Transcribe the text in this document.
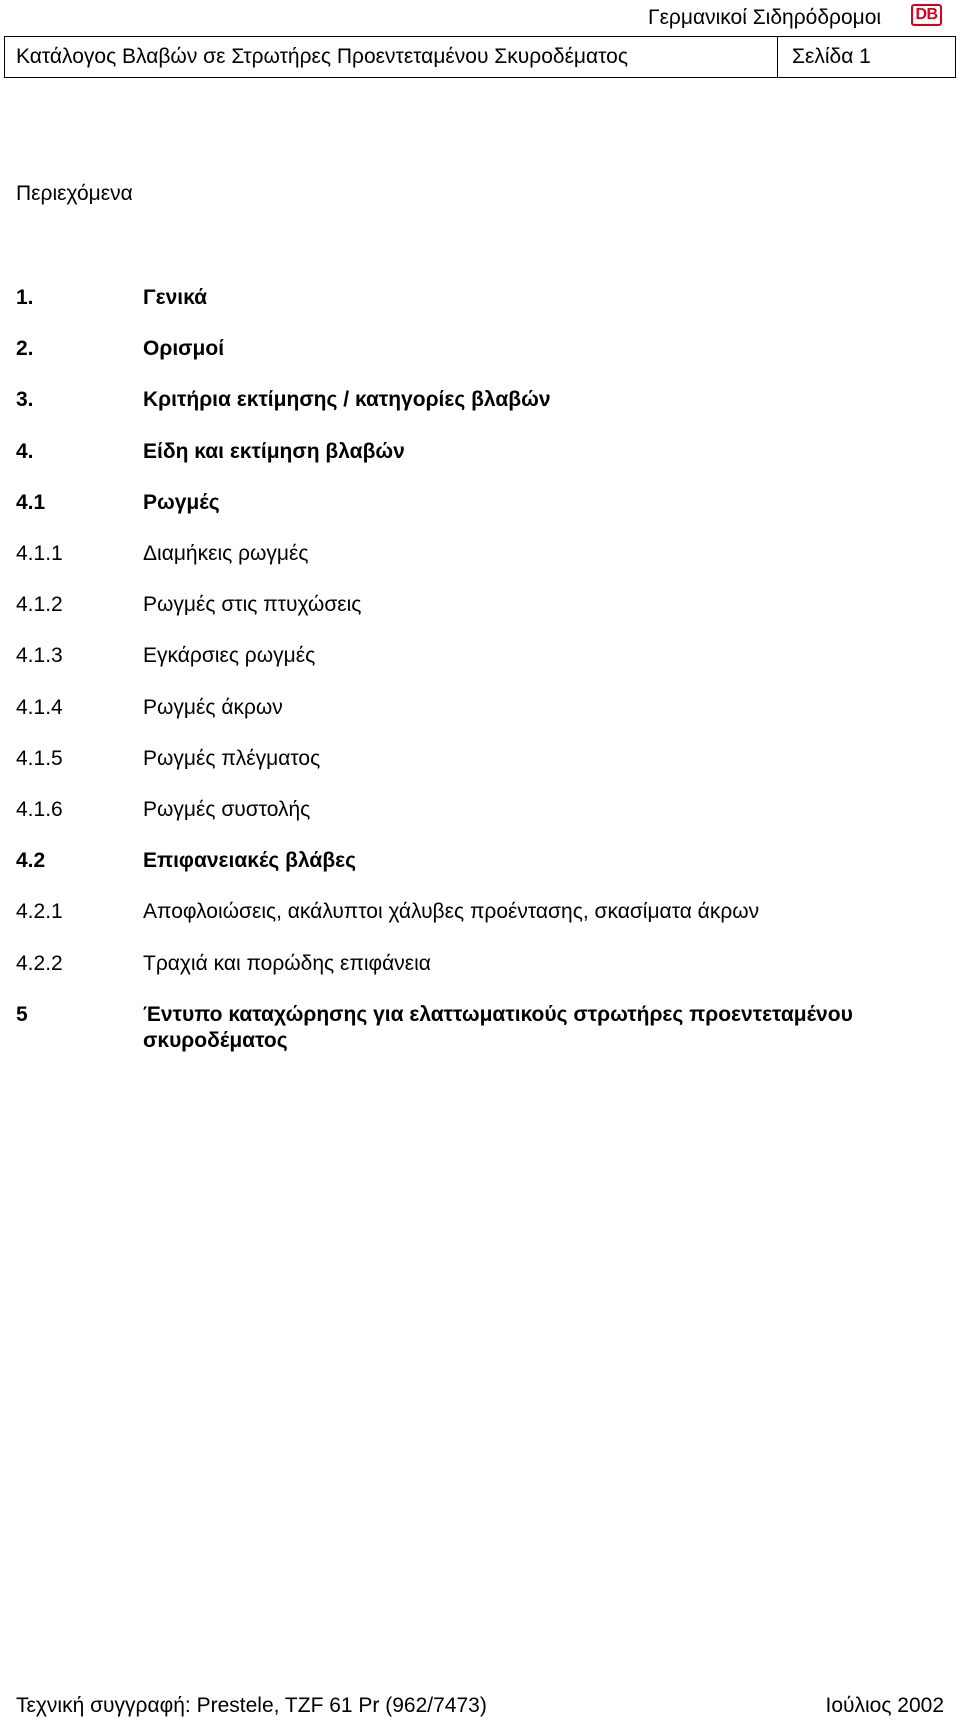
Γερμανικοί Σιδηρόδρομοι DB
Κατάλογος Βλαβών σε Στρωτήρες Προεντεταμένου Σκυροδέματος	Σελίδα 1
Περιεχόμενα
1.	Γενικά
2.	Ορισμοί
3.	Κριτήρια εκτίμησης / κατηγορίες βλαβών
4.	Είδη και εκτίμηση βλαβών
4.1	Ρωγμές
4.1.1	Διαμήκεις ρωγμές
4.1.2	Ρωγμές στις πτυχώσεις
4.1.3	Εγκάρσιες ρωγμές
4.1.4	Ρωγμές άκρων
4.1.5	Ρωγμές πλέγματος
4.1.6	Ρωγμές συστολής
4.2	Επιφανειακές βλάβες
4.2.1	Αποφλοιώσεις, ακάλυπτοι χάλυβες προέντασης, σκασίματα άκρων
4.2.2	Τραχιά και πορώδης επιφάνεια
5	Έντυπο καταχώρησης για ελαττωματικούς στρωτήρες προεντεταμένου σκυροδέματος
Τεχνική συγγραφή: Prestele, TZF 61 Pr (962/7473)	Ιούλιος 2002
